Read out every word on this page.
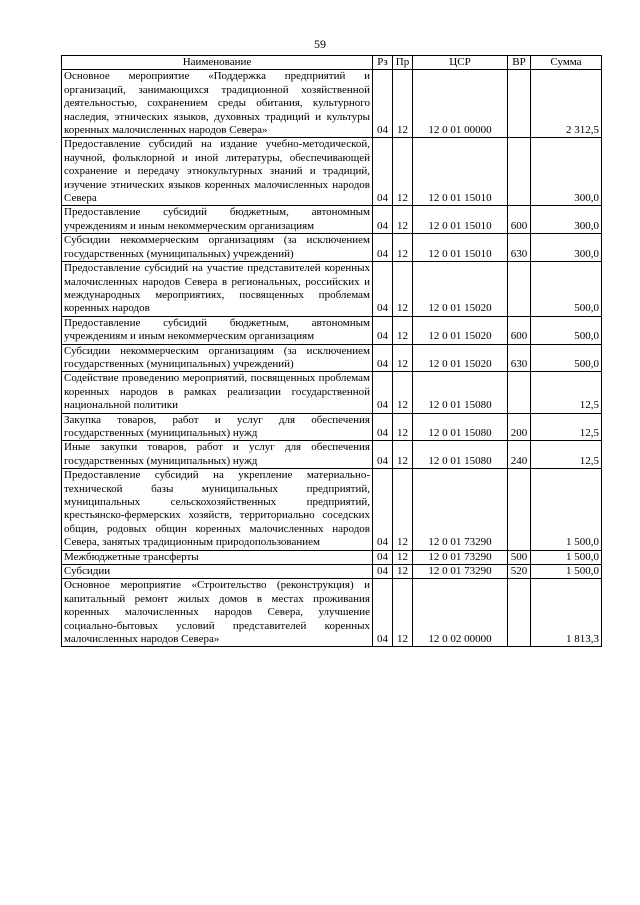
59
Наименование	Рз	Пр	ЦСР	ВР	Сумма
Основное мероприятие «Поддержка предприятий и организаций, занимающихся традиционной хозяйственной деятельностью, сохранением среды обитания, культурного наследия, этнических языков, духовных традиций и культуры коренных малочисленных народов Севера»	04	12	12 0 01 00000		2 312,5
Предоставление субсидий на издание учебно-методической, научной, фольклорной и иной литературы, обеспечивающей сохранение и передачу этнокультурных знаний и традиций, изучение этнических языков коренных малочисленных народов Севера	04	12	12 0 01 15010		300,0
Предоставление субсидий бюджетным, автономным учреждениям и иным некоммерческим организациям	04	12	12 0 01 15010	600	300,0
Субсидии некоммерческим организациям (за исключением государственных (муниципальных) учреждений)	04	12	12 0 01 15010	630	300,0
Предоставление субсидий на участие представителей коренных малочисленных народов Севера в региональных, российских и международных мероприятиях, посвященных проблемам коренных народов	04	12	12 0 01 15020		500,0
Предоставление субсидий бюджетным, автономным учреждениям и иным некоммерческим организациям	04	12	12 0 01 15020	600	500,0
Субсидии некоммерческим организациям (за исключением государственных (муниципальных) учреждений)	04	12	12 0 01 15020	630	500,0
Содействие проведению мероприятий, посвященных проблемам коренных народов в рамках реализации государственной национальной политики	04	12	12 0 01 15080		12,5
Закупка товаров, работ и услуг для обеспечения государственных (муниципальных) нужд	04	12	12 0 01 15080	200	12,5
Иные закупки товаров, работ и услуг для обеспечения государственных (муниципальных) нужд	04	12	12 0 01 15080	240	12,5
Предоставление субсидий на укрепление материально-технической базы муниципальных предприятий, муниципальных сельскохозяйственных предприятий, крестьянско-фермерских хозяйств, территориально соседских общин, родовых общин коренных малочисленных народов Севера, занятых традиционным природопользованием	04	12	12 0 01 73290		1 500,0
Межбюджетные трансферты	04	12	12 0 01 73290	500	1 500,0
Субсидии	04	12	12 0 01 73290	520	1 500,0
Основное мероприятие «Строительство (реконструкция) и капитальный ремонт жилых домов в местах проживания коренных малочисленных народов Севера, улучшение социально-бытовых условий представителей коренных малочисленных народов Севера»	04	12	12 0 02 00000		1 813,3
